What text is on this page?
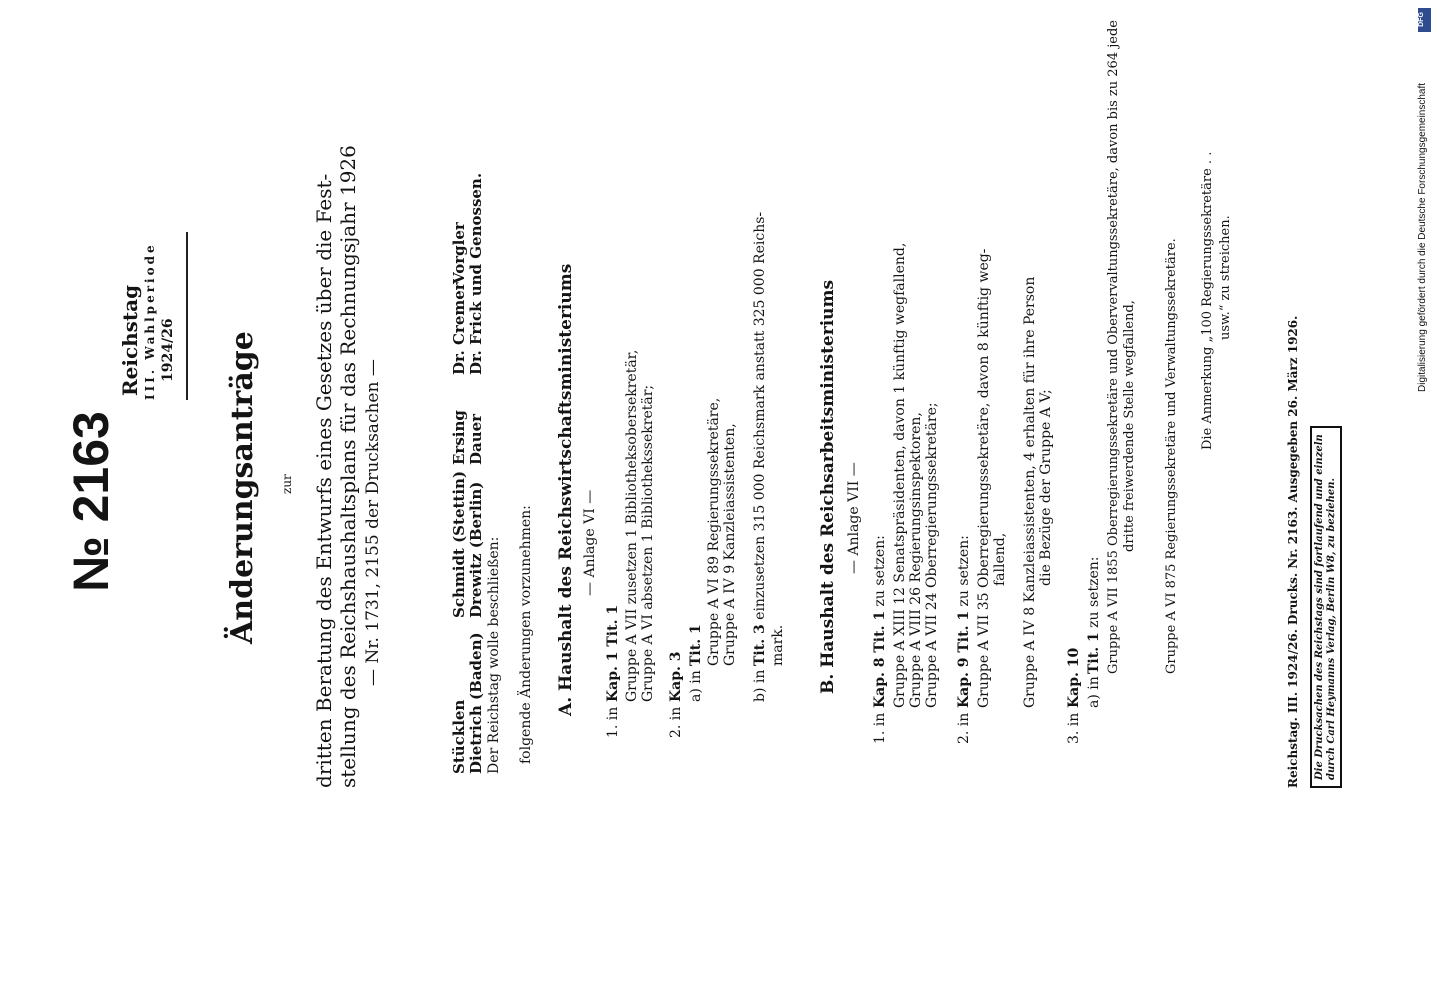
№ 2163
Reichstag III. Wahlperiode 1924/26 Änderungsanträge zur dritten Beratung des Entwurfs eines Gesetzes über die Fest- stellung des Reichshaushaltsplans für das Rechnungsjahr 1926 — Nr. 1731, 2155 der Drucksachen —
Stücklen
Schmidt (Stettin)
Ersing
Dr. Cremer
Vorgler
Dietrich (Baden)
Drewitz (Berlin)
Dauer
Dr. Frick und Genossen.
Der Reichstag wolle beschließen: folgende Änderungen vorzunehmen: A. Haushalt des Reichswirtschaftsministeriums — Anlage VI —
1. in
Kap. 1 Tit. 1 Gruppe A VII zusetzen 1 Bibliotheksobersekretär, Gruppe A VI absetzen 1 Bibliothekssekretär;
2. in
Kap. 3 a) in
Tit. 1 Gruppe A VI 89 Regierungssekretäre, Gruppe A IV 9 Kanzleiassistenten,
b) in
Tit. 3 einzusetzen 315 000 Reichsmark anstatt 325 000 Reichs-
mark. B. Haushalt des Reichsarbeitsministeriums — Anlage VII —
1. in
Kap. 8 Tit. 1 zu setzen: Gruppe A XIII 12 Senatspräsidenten, davon 1 künftig wegfallend, Gruppe A VIII 26 Regierungsinspektoren, Gruppe A VII 24 Oberregierungssekretäre;
2. in
Kap. 9 Tit. 1 zu setzen: Gruppe A VII 35 Oberregierungssekretäre, davon 8 künftig weg- fallend, Gruppe A IV 8 Kanzleiassistenten, 4 erhalten für ihre Person die Bezüge der Gruppe A V;
3. in
Kap. 10 a) in
Tit. 1 zu setzen: Gruppe A VII 1855 Oberregierungssekretäre und Obervervaltungssekretäre, davon bis zu 264 jede dritte freiwerdende Stelle wegfallend, Gruppe A VI 875 Regierungssekretäre und Verwaltungssekretäre. Die Anmerkung „100 Regierungssekretäre . . usw.“ zu streichen.
Reichstag. III. 1924/26. Drucks. Nr. 2163. Ausgegeben 26. März 1926. Die Drucksachen des Reichstags sind fortlaufend und einzeln durch Carl Heymanns Verlag, Berlin W8, zu beziehen.
DFG
Digitalisierung gefördert durch die Deutsche Forschungsgemeinschaft
